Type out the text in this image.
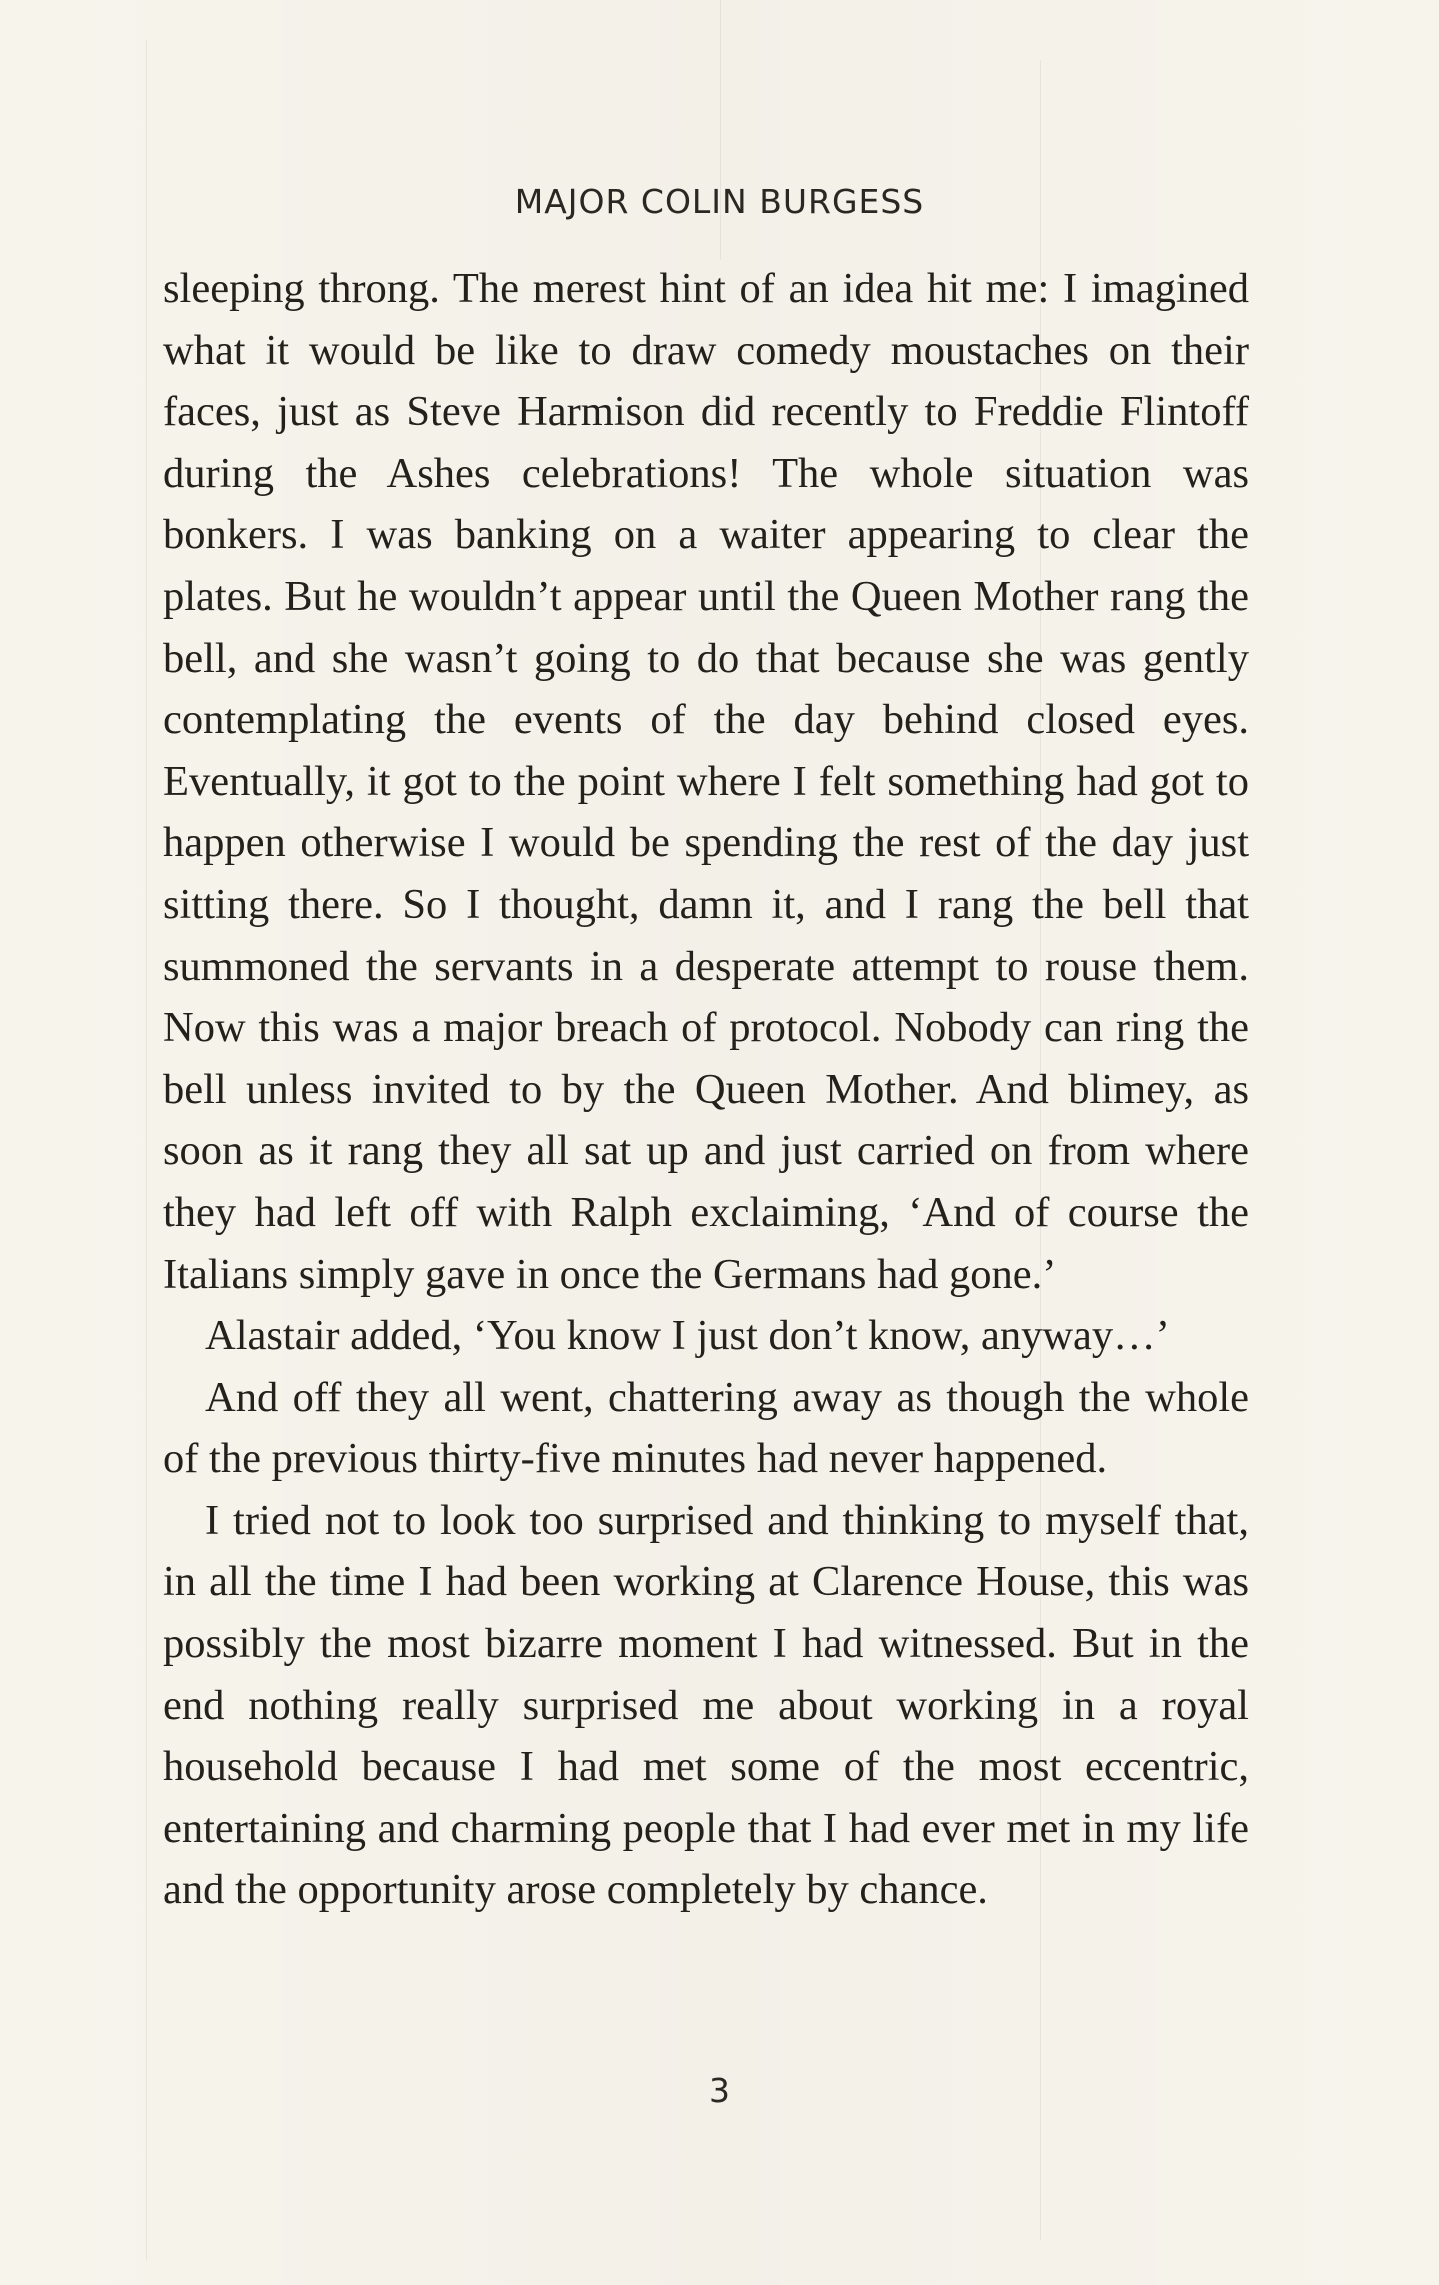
MAJOR COLIN BURGESS

sleeping throng. The merest hint of an idea hit me: I imagined what it would be like to draw comedy moustaches on their faces, just as Steve Harmison did recently to Freddie Flintoff during the Ashes celebrations! The whole situation was bonkers. I was banking on a waiter appearing to clear the plates. But he wouldn’t appear until the Queen Mother rang the bell, and she wasn’t going to do that because she was gently contemplating the events of the day behind closed eyes. Eventually, it got to the point where I felt something had got to happen otherwise I would be spending the rest of the day just sitting there. So I thought, damn it, and I rang the bell that summoned the servants in a desperate attempt to rouse them. Now this was a major breach of protocol. Nobody can ring the bell unless invited to by the Queen Mother. And blimey, as soon as it rang they all sat up and just carried on from where they had left off with Ralph exclaiming, ‘And of course the Italians simply gave in once the Germans had gone.’

Alastair added, ‘You know I just don’t know, anyway…’

And off they all went, chattering away as though the whole of the previous thirty-five minutes had never happened.

I tried not to look too surprised and thinking to myself that, in all the time I had been working at Clarence House, this was possibly the most bizarre moment I had witnessed. But in the end nothing really surprised me about working in a royal household because I had met some of the most eccentric, entertaining and charming people that I had ever met in my life and the opportunity arose completely by chance.

3
